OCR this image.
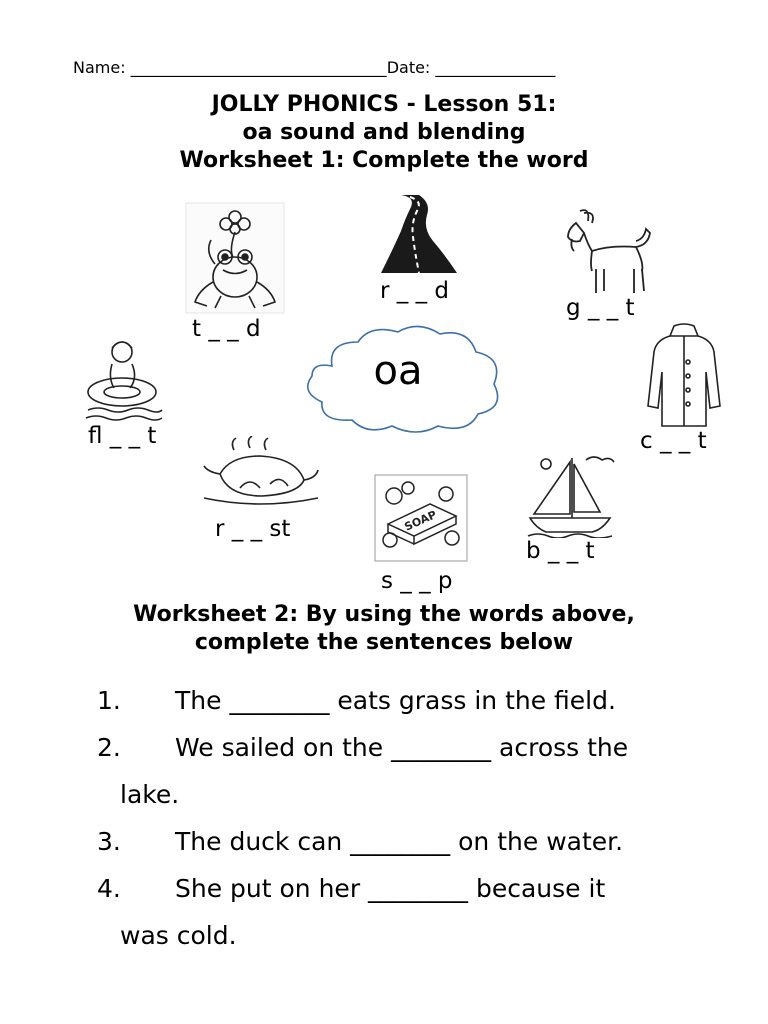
Name: ________________________________Date: _______________
JOLLY PHONICS - Lesson 51:
oa sound and blending
Worksheet 1: Complete the word
t _ _ d
r _ _ d
g _ _ t
oa
fl _ _ t	c _ _ t
r _ _ st	SOAP
s _ _ p
b _ _ t
Worksheet 2: By using the words above,
complete the sentences below
1. The ________ eats grass in the field.
2. We sailed on the ________ across the
lake.
3. The duck can ________ on the water.
4. She put on her ________ because it
was cold.
